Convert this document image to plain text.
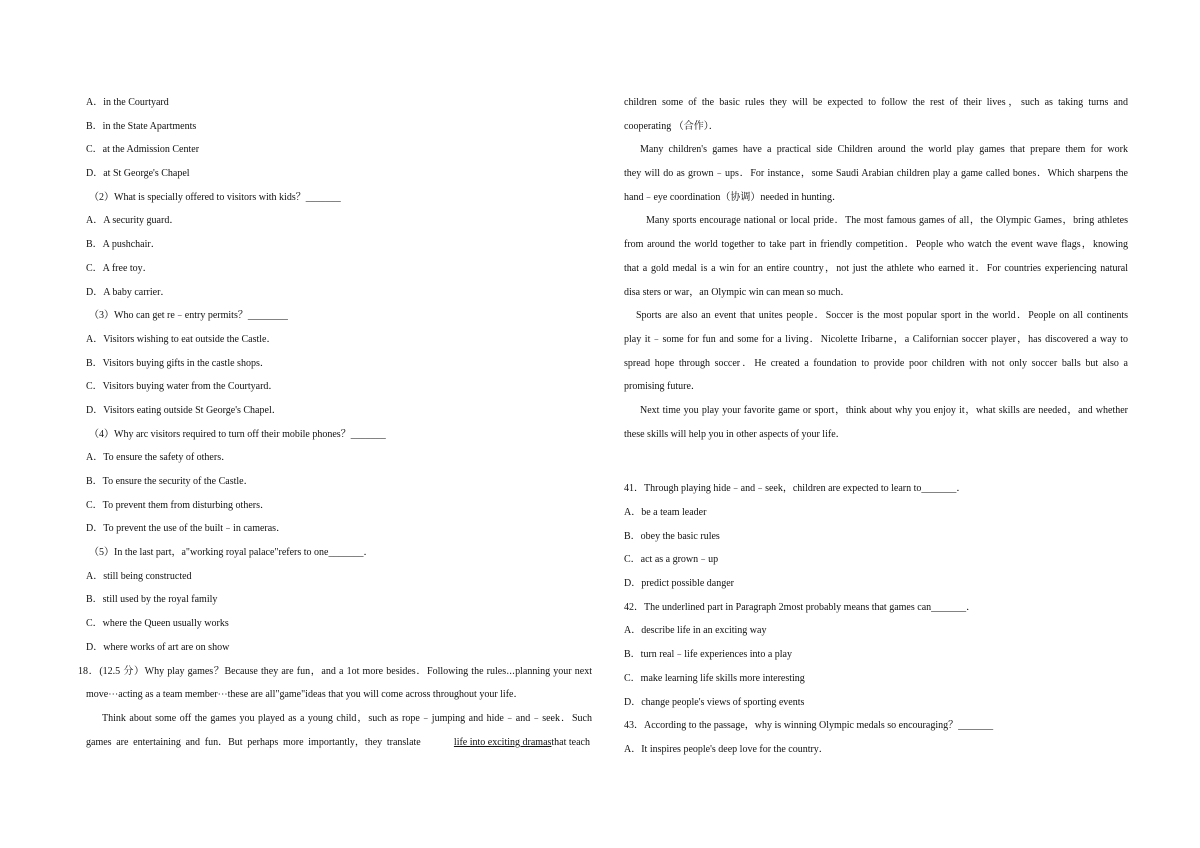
A．in the Courtyard
B．in the State Apartments
C．at the Admission Center
D．at St George's Chapel
（2）What is specially offered to visitors with kids？_______
A．A security guard．
B．A pushchair．
C．A free toy．
D．A baby carrier．
（3）Who can get re﹣entry permits？________
A．Visitors wishing to eat outside the Castle．
B．Visitors buying gifts in the castle shops．
C．Visitors buying water from the Courtyard．
D．Visitors eating outside St George's Chapel．
（4）Why arc visitors required to turn off their mobile phones？_______
A．To ensure the safety of others．
B．To ensure the security of the Castle．
C．To prevent them from disturbing others．
D．To prevent the use of the built﹣in cameras．
（5）In the last part，a"working royal palace"refers to one_______．
A．still being constructed
B．still used by the royal family
C．where the Queen usually works
D．where works of art are on show
18．(12.5 分）Why play games？Because they are fun，and a 1ot more besides．Following the rules⋯planning your next
move⋯acting as a team member⋯these are all"game"ideas that you will come across throughout your life．
Think about some off the games you played as a young child，such as rope﹣jumping and hide﹣and﹣seek．Such
games are entertaining and fun．But perhaps more importantly，they translate	life into exciting dramasthat teach
children some of the basic rules they will be expected to follow the rest of their lives，such as taking turns and
cooperating （合作）．
Many children's games have a practical side Children around the world play games that prepare them for work
they will do as grown﹣ups．For instance，some Saudi Arabian children play a game called bones．Which sharpens the
hand﹣eye coordination（协调）needed in hunting．
Many sports encourage national or local pride．The most famous games of all，the Olympic Games，bring athletes
from around the world together to take part in friendly competition．People who watch the event wave flags，knowing
that a gold medal is a win for an entire country，not just the athlete who earned it．For countries experiencing natural
disa sters or war，an Olympic win can mean so much．
Sports are also an event that unites people．Soccer is the most popular sport in the world．People on all continents
play it﹣some for fun and some for a living．Nicolette Iribarne，a Californian soccer player，has discovered a way to
spread hope through soccer．He created a foundation to provide poor children with not only soccer balls but also a
promising future．
Next time you play your favorite game or sport，think about why you enjoy it，what skills are needed，and whether
these skills will help you in other aspects of your life．
41．Through playing hide﹣and﹣seek，children are expected to learn to_______．
A．be a team leader
B．obey the basic rules
C．act as a grown﹣up
D．predict possible danger
42．The underlined part in Paragraph 2most probably means that games can_______．
A．describe life in an exciting way
B．turn real﹣life experiences into a play
C．make learning life skills more interesting
D．change people's views of sporting events
43．According to the passage，why is winning Olympic medals so encouraging？_______
A．It inspires people's deep love for the country．
